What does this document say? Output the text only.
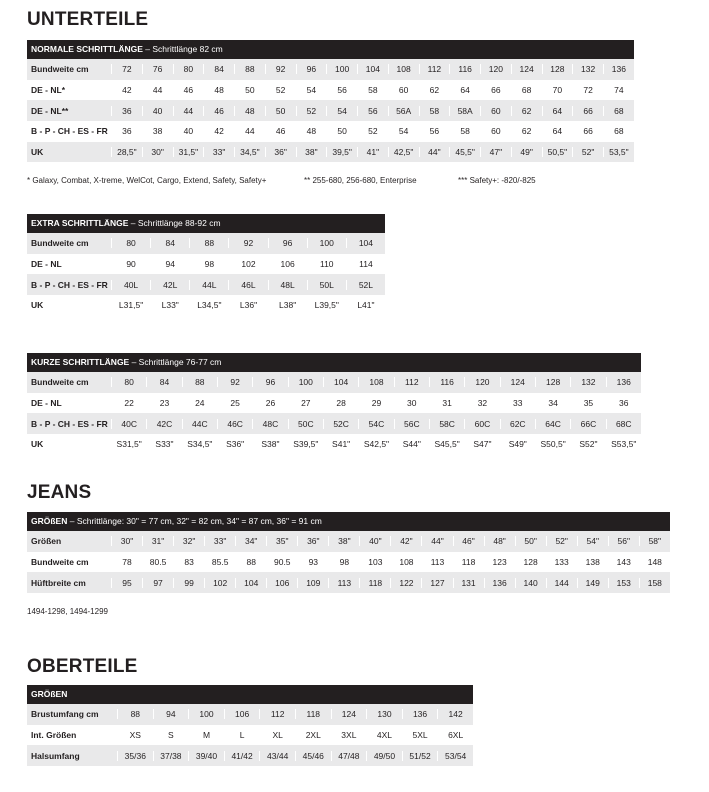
UNTERTEILE
NORMALE SCHRITTLÄNGE – Schrittlänge 82 cm
Bundweite cm	72	76	80	84	88	92	96	100	104	108	112	116	120	124	128	132	136
DE - NL*	42	44	46	48	50	52	54	56	58	60	62	64	66	68	70	72	74
DE - NL**	36	40	44	46	48	50	52	54	56	56A	58	58A	60	62	64	66	68
B - P - CH - ES - FR	36	38	40	42	44	46	48	50	52	54	56	58	60	62	64	66	68
UK	28,5"	30"	31,5"	33"	34,5"	36"	38"	39,5"	41"	42,5"	44"	45,5"	47"	49"	50,5"	52"	53,5"
* Galaxy, Combat, X-treme, WelCot, Cargo, Extend, Safety, Safety+	** 255-680, 256-680, Enterprise	*** Safety+: -820/-825
EXTRA SCHRITTLÄNGE – Schrittlänge 88-92 cm
Bundweite cm	80	84	88	92	96	100	104
DE - NL	90	94	98	102	106	110	114
B - P - CH - ES - FR	40L	42L	44L	46L	48L	50L	52L
UK	L31,5"	L33"	L34,5"	L36"	L38"	L39,5"	L41"
KURZE SCHRITTLÄNGE – Schrittlänge 76-77 cm
Bundweite cm	80	84	88	92	96	100	104	108	112	116	120	124	128	132	136
DE - NL	22	23	24	25	26	27	28	29	30	31	32	33	34	35	36
B - P - CH - ES - FR	40C	42C	44C	46C	48C	50C	52C	54C	56C	58C	60C	62C	64C	66C	68C
UK	S31,5"	S33"	S34,5"	S36"	S38"	S39,5"	S41"	S42,5"	S44"	S45,5"	S47"	S49"	S50,5"	S52"	S53,5"
JEANS
GRÖßEN – Schrittlänge: 30" = 77 cm, 32" = 82 cm, 34" = 87 cm, 36" = 91 cm
Größen	30"	31"	32"	33"	34"	35"	36"	38"	40"	42"	44"	46"	48"	50"	52"	54"	56"	58"
Bundweite cm	78	80.5	83	85.5	88	90.5	93	98	103	108	113	118	123	128	133	138	143	148
Hüftbreite cm	95	97	99	102	104	106	109	113	118	122	127	131	136	140	144	149	153	158
1494-1298, 1494-1299
OBERTEILE
GRÖßEN
Brustumfang cm	88	94	100	106	112	118	124	130	136	142
Int. Größen	XS	S	M	L	XL	2XL	3XL	4XL	5XL	6XL
Halsumfang	35/36	37/38	39/40	41/42	43/44	45/46	47/48	49/50	51/52	53/54
